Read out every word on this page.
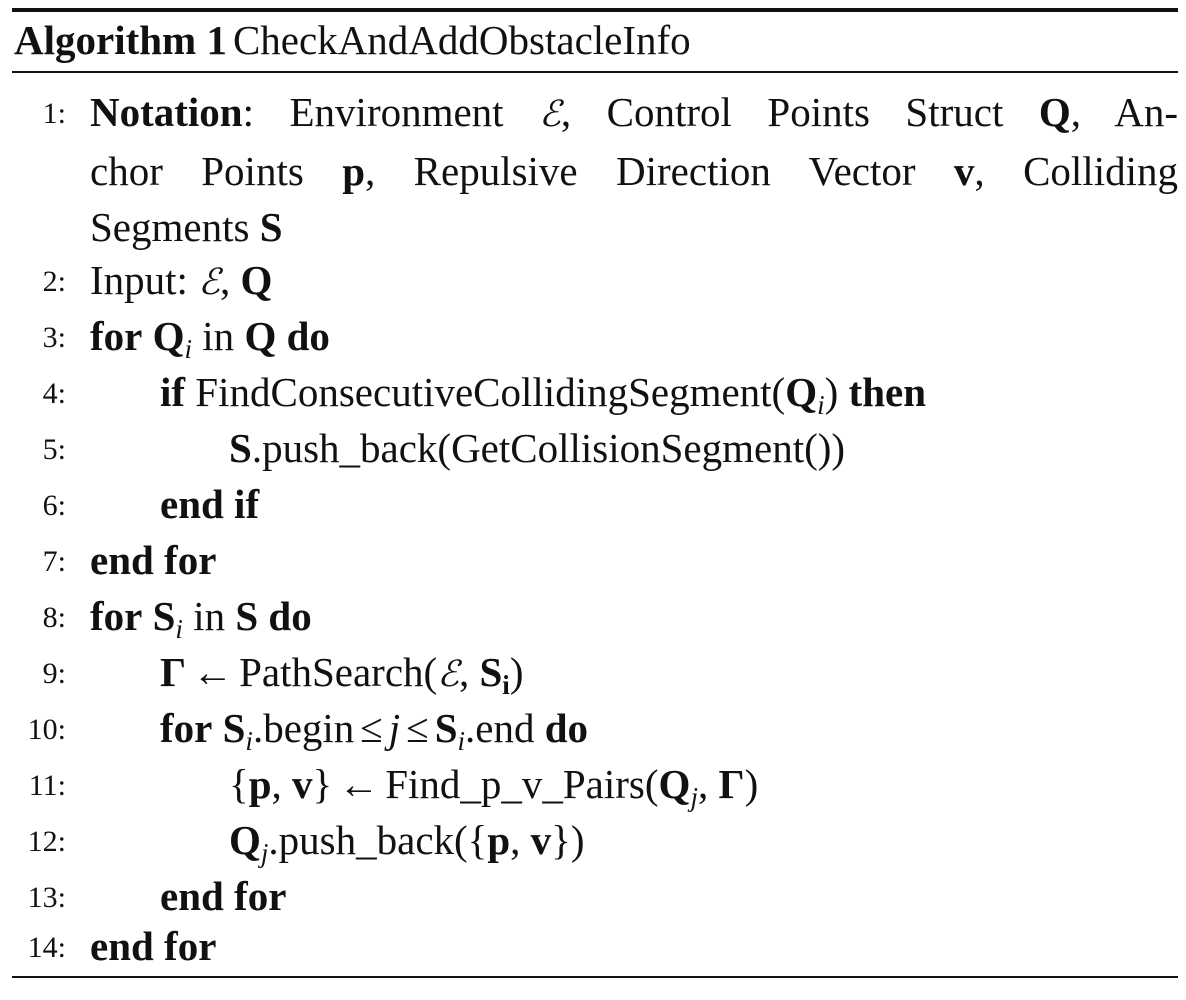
Algorithm 1 CheckAndAddObstacleInfo
1: Notation: Environment ℰ, Control Points Struct Q, An-
chor Points p, Repulsive Direction Vector v, Colliding
Segments S
2: Input: ℰ, Q
3: for $Q_i$ in Q do
4: if $FindConsecutiveCollidingSegment(Q_i)$ then
5:	S.push_back(GetCollisionSegment())
6: end if
7: end for
8: for $S_i$ in S do
9: Γ ← PathSearch(ℰ, $S_i$)
10: for $S_i.begin \le j \le S_i.end$ do
11:	{p, v} ← $Find\_p\_v\_Pairs(Q_j$, Γ)
12:	$Q_j.push\_back(\{p$, v})
13: end for
14: end for
